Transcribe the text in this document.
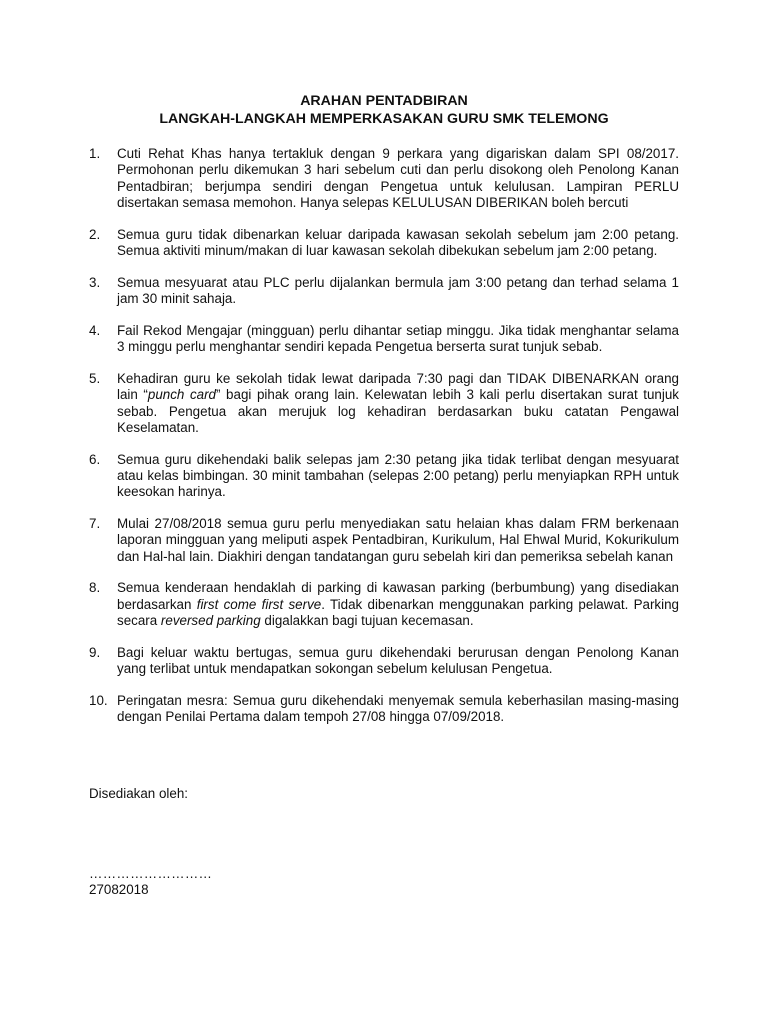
ARAHAN PENTADBIRAN

LANGKAH-LANGKAH MEMPERKASAKAN GURU SMK TELEMONG

1.	Cuti Rehat Khas hanya tertakluk dengan 9 perkara yang digariskan dalam SPI 08/2017. Permohonan perlu dikemukan 3 hari sebelum cuti dan perlu disokong oleh Penolong Kanan Pentadbiran; berjumpa sendiri dengan Pengetua untuk kelulusan. Lampiran PERLU disertakan semasa memohon. Hanya selepas KELULUSAN DIBERIKAN boleh bercuti
2.	Semua guru tidak dibenarkan keluar daripada kawasan sekolah sebelum jam 2:00 petang. Semua aktiviti minum/makan di luar kawasan sekolah dibekukan sebelum jam 2:00 petang.
3.	Semua mesyuarat atau PLC perlu dijalankan bermula jam 3:00 petang dan terhad selama 1 jam 30 minit sahaja.
4.	Fail Rekod Mengajar (mingguan) perlu dihantar setiap minggu. Jika tidak menghantar selama 3 minggu perlu menghantar sendiri kepada Pengetua berserta surat tunjuk sebab.
5.	Kehadiran guru ke sekolah tidak lewat daripada 7:30 pagi dan TIDAK DIBENARKAN orang lain “punch card” bagi pihak orang lain. Kelewatan lebih 3 kali perlu disertakan surat tunjuk sebab. Pengetua akan merujuk log kehadiran berdasarkan buku catatan Pengawal Keselamatan.
6.	Semua guru dikehendaki balik selepas jam 2:30 petang jika tidak terlibat dengan mesyuarat atau kelas bimbingan. 30 minit tambahan (selepas 2:00 petang) perlu menyiapkan RPH untuk keesokan harinya.
7.	Mulai 27/08/2018 semua guru perlu menyediakan satu helaian khas dalam FRM berkenaan laporan mingguan yang meliputi aspek Pentadbiran, Kurikulum, Hal Ehwal Murid, Kokurikulum dan Hal-hal lain. Diakhiri dengan tandatangan guru sebelah kiri dan pemeriksa sebelah kanan
8.	Semua kenderaan hendaklah di parking di kawasan parking (berbumbung) yang disediakan berdasarkan first come first serve. Tidak dibenarkan menggunakan parking pelawat. Parking secara reversed parking digalakkan bagi tujuan kecemasan.
9.	Bagi keluar waktu bertugas, semua guru dikehendaki berurusan dengan Penolong Kanan yang terlibat untuk mendapatkan sokongan sebelum kelulusan Pengetua.
10. Peringatan mesra: Semua guru dikehendaki menyemak semula keberhasilan masing-masing dengan Penilai Pertama dalam tempoh 27/08 hingga 07/09/2018.
Disediakan oleh:
………………………
27082018
